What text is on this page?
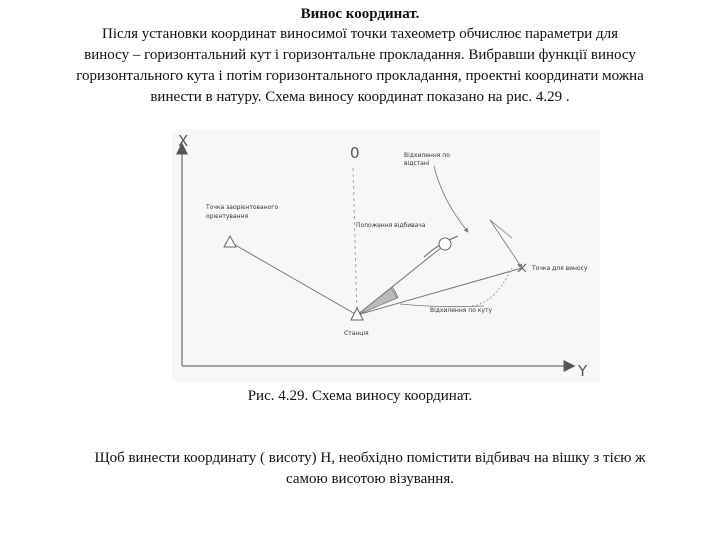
Винос координат.
Після установки координат виносимої точки тахеометр обчислює параметри для
виносу – горизонтальний кут і горизонтальне прокладання. Вибравши функції виносу
горизонтального кута і потім горизонтального прокладання, проектні координати можна
винести в натуру. Схема виносу координат показано на рис. 4.29 .
X
Y
0
Точка заорієнтованого
орієнтування
Станція
Положення відбивача
Відхилення по
відстані
Точка для виносу
Відхилення по куту
Рис. 4.29. Схема виносу координат.
Щоб винести координату ( висоту) Н, необхідно помістити відбивач на вішку з тією ж
самою висотою візування.
